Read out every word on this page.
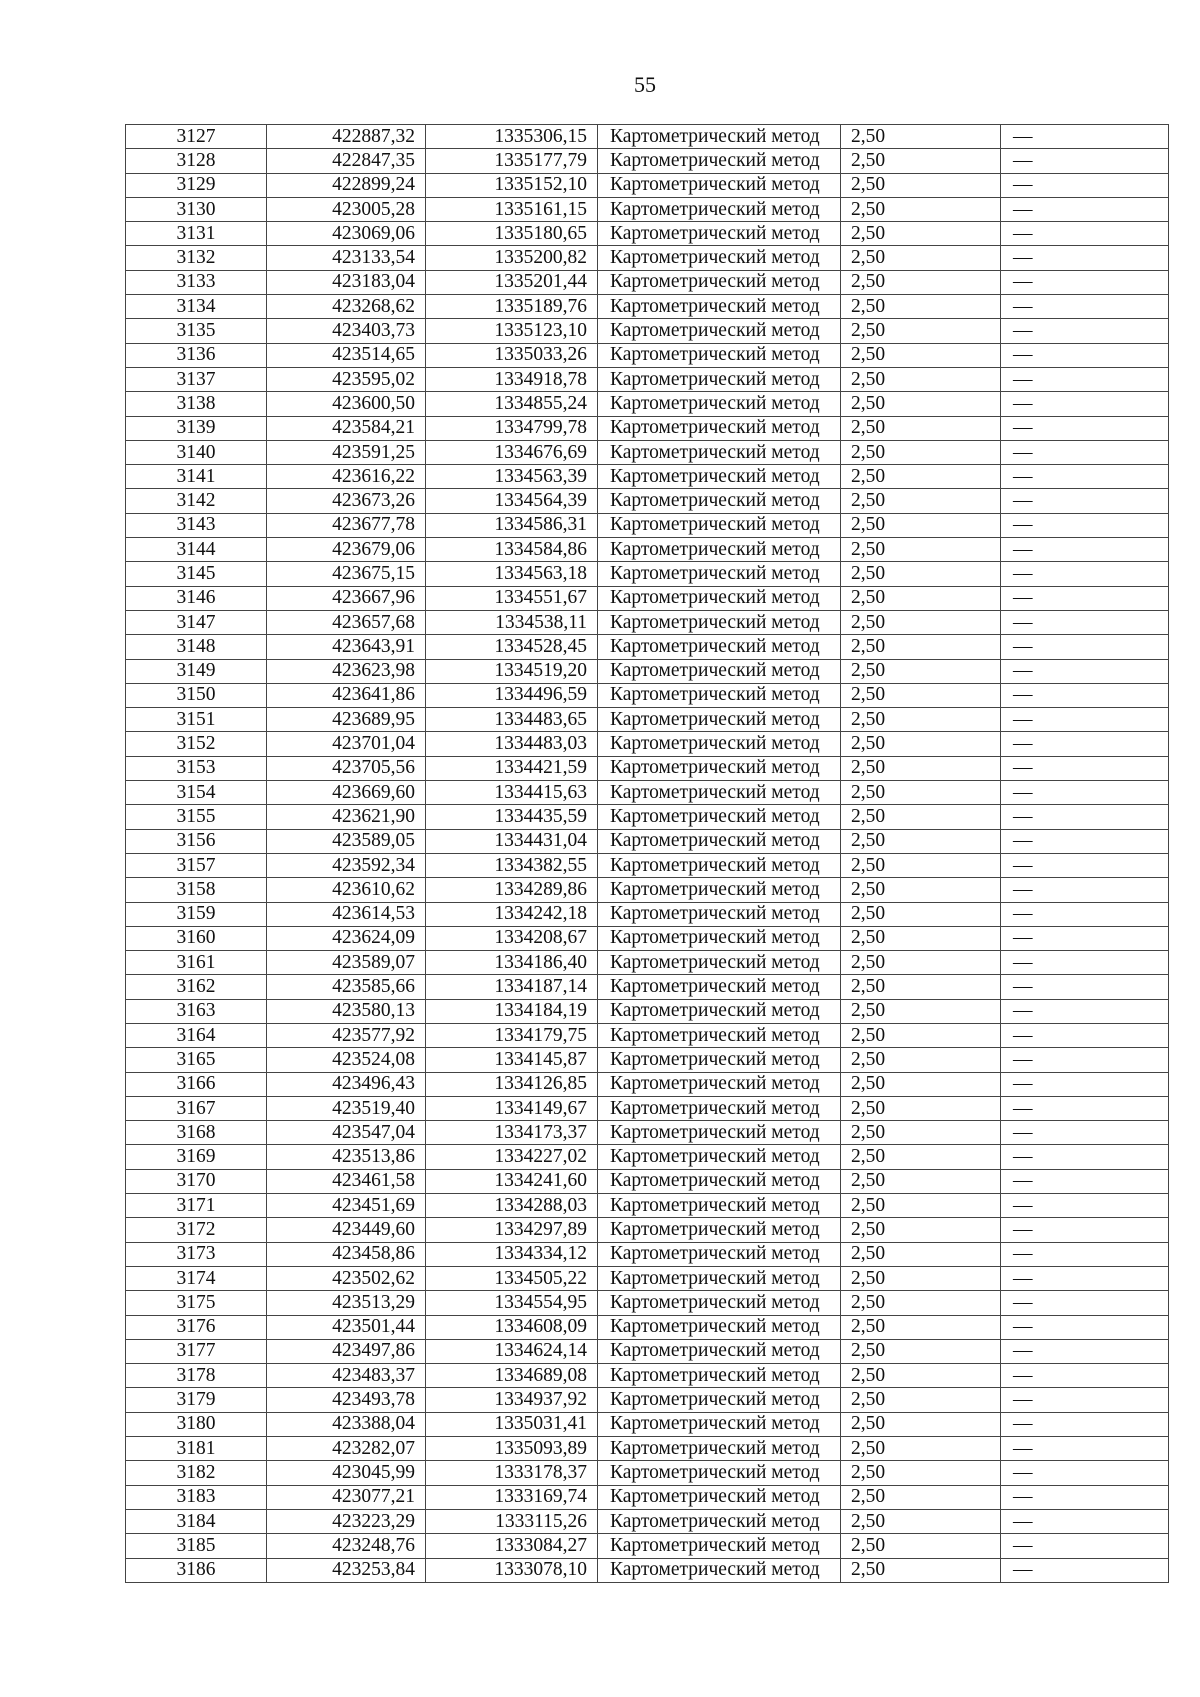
55
3127	422887,32	1335306,15	Картометрический метод	2,50	—
3128	422847,35	1335177,79	Картометрический метод	2,50	—
3129	422899,24	1335152,10	Картометрический метод	2,50	—
3130	423005,28	1335161,15	Картометрический метод	2,50	—
3131	423069,06	1335180,65	Картометрический метод	2,50	—
3132	423133,54	1335200,82	Картометрический метод	2,50	—
3133	423183,04	1335201,44	Картометрический метод	2,50	—
3134	423268,62	1335189,76	Картометрический метод	2,50	—
3135	423403,73	1335123,10	Картометрический метод	2,50	—
3136	423514,65	1335033,26	Картометрический метод	2,50	—
3137	423595,02	1334918,78	Картометрический метод	2,50	—
3138	423600,50	1334855,24	Картометрический метод	2,50	—
3139	423584,21	1334799,78	Картометрический метод	2,50	—
3140	423591,25	1334676,69	Картометрический метод	2,50	—
3141	423616,22	1334563,39	Картометрический метод	2,50	—
3142	423673,26	1334564,39	Картометрический метод	2,50	—
3143	423677,78	1334586,31	Картометрический метод	2,50	—
3144	423679,06	1334584,86	Картометрический метод	2,50	—
3145	423675,15	1334563,18	Картометрический метод	2,50	—
3146	423667,96	1334551,67	Картометрический метод	2,50	—
3147	423657,68	1334538,11	Картометрический метод	2,50	—
3148	423643,91	1334528,45	Картометрический метод	2,50	—
3149	423623,98	1334519,20	Картометрический метод	2,50	—
3150	423641,86	1334496,59	Картометрический метод	2,50	—
3151	423689,95	1334483,65	Картометрический метод	2,50	—
3152	423701,04	1334483,03	Картометрический метод	2,50	—
3153	423705,56	1334421,59	Картометрический метод	2,50	—
3154	423669,60	1334415,63	Картометрический метод	2,50	—
3155	423621,90	1334435,59	Картометрический метод	2,50	—
3156	423589,05	1334431,04	Картометрический метод	2,50	—
3157	423592,34	1334382,55	Картометрический метод	2,50	—
3158	423610,62	1334289,86	Картометрический метод	2,50	—
3159	423614,53	1334242,18	Картометрический метод	2,50	—
3160	423624,09	1334208,67	Картометрический метод	2,50	—
3161	423589,07	1334186,40	Картометрический метод	2,50	—
3162	423585,66	1334187,14	Картометрический метод	2,50	—
3163	423580,13	1334184,19	Картометрический метод	2,50	—
3164	423577,92	1334179,75	Картометрический метод	2,50	—
3165	423524,08	1334145,87	Картометрический метод	2,50	—
3166	423496,43	1334126,85	Картометрический метод	2,50	—
3167	423519,40	1334149,67	Картометрический метод	2,50	—
3168	423547,04	1334173,37	Картометрический метод	2,50	—
3169	423513,86	1334227,02	Картометрический метод	2,50	—
3170	423461,58	1334241,60	Картометрический метод	2,50	—
3171	423451,69	1334288,03	Картометрический метод	2,50	—
3172	423449,60	1334297,89	Картометрический метод	2,50	—
3173	423458,86	1334334,12	Картометрический метод	2,50	—
3174	423502,62	1334505,22	Картометрический метод	2,50	—
3175	423513,29	1334554,95	Картометрический метод	2,50	—
3176	423501,44	1334608,09	Картометрический метод	2,50	—
3177	423497,86	1334624,14	Картометрический метод	2,50	—
3178	423483,37	1334689,08	Картометрический метод	2,50	—
3179	423493,78	1334937,92	Картометрический метод	2,50	—
3180	423388,04	1335031,41	Картометрический метод	2,50	—
3181	423282,07	1335093,89	Картометрический метод	2,50	—
3182	423045,99	1333178,37	Картометрический метод	2,50	—
3183	423077,21	1333169,74	Картометрический метод	2,50	—
3184	423223,29	1333115,26	Картометрический метод	2,50	—
3185	423248,76	1333084,27	Картометрический метод	2,50	—
3186	423253,84	1333078,10	Картометрический метод	2,50	—
